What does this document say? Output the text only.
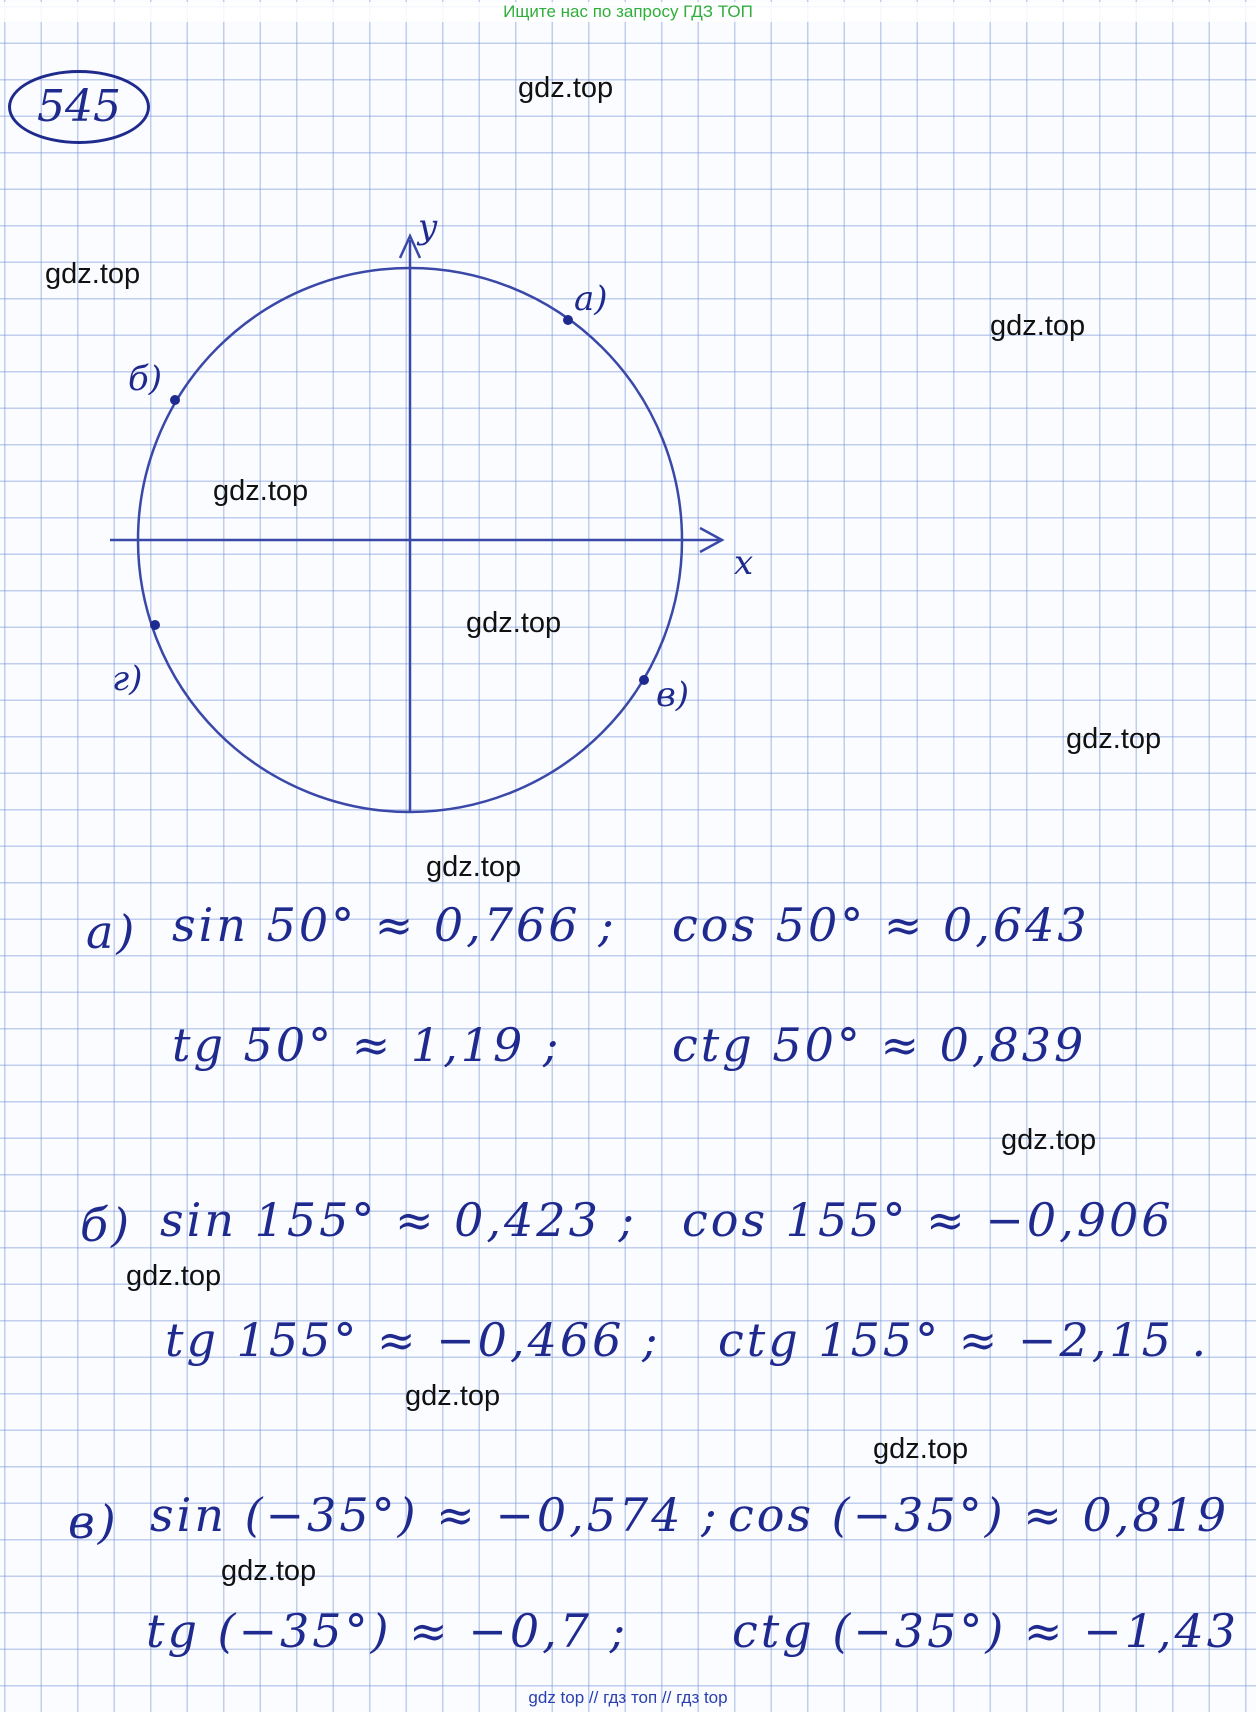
Ищите нас по запросу ГДЗ ТОП
545
y
x
а)
б)
в)
г)
gdz.top
gdz.top
gdz.top
gdz.top
gdz.top
gdz.top
gdz.top
gdz.top
gdz.top
gdz.top
gdz.top
gdz.top
а) sin 50° ≈ 0,766 ; cos 50° ≈ 0,643
tg 50° ≈ 1,19 ; ctg 50° ≈ 0,839
б) sin 155° ≈ 0,423 ; cos 155° ≈ −0,906
tg 155° ≈ −0,466 ; ctg 155° ≈ −2,15 .
в) sin (−35°) ≈ −0,574 ; cos (−35°) ≈ 0,819
tg (−35°) ≈ −0,7 ; ctg (−35°) ≈ −1,43
gdz top // гдз топ // гдз top
